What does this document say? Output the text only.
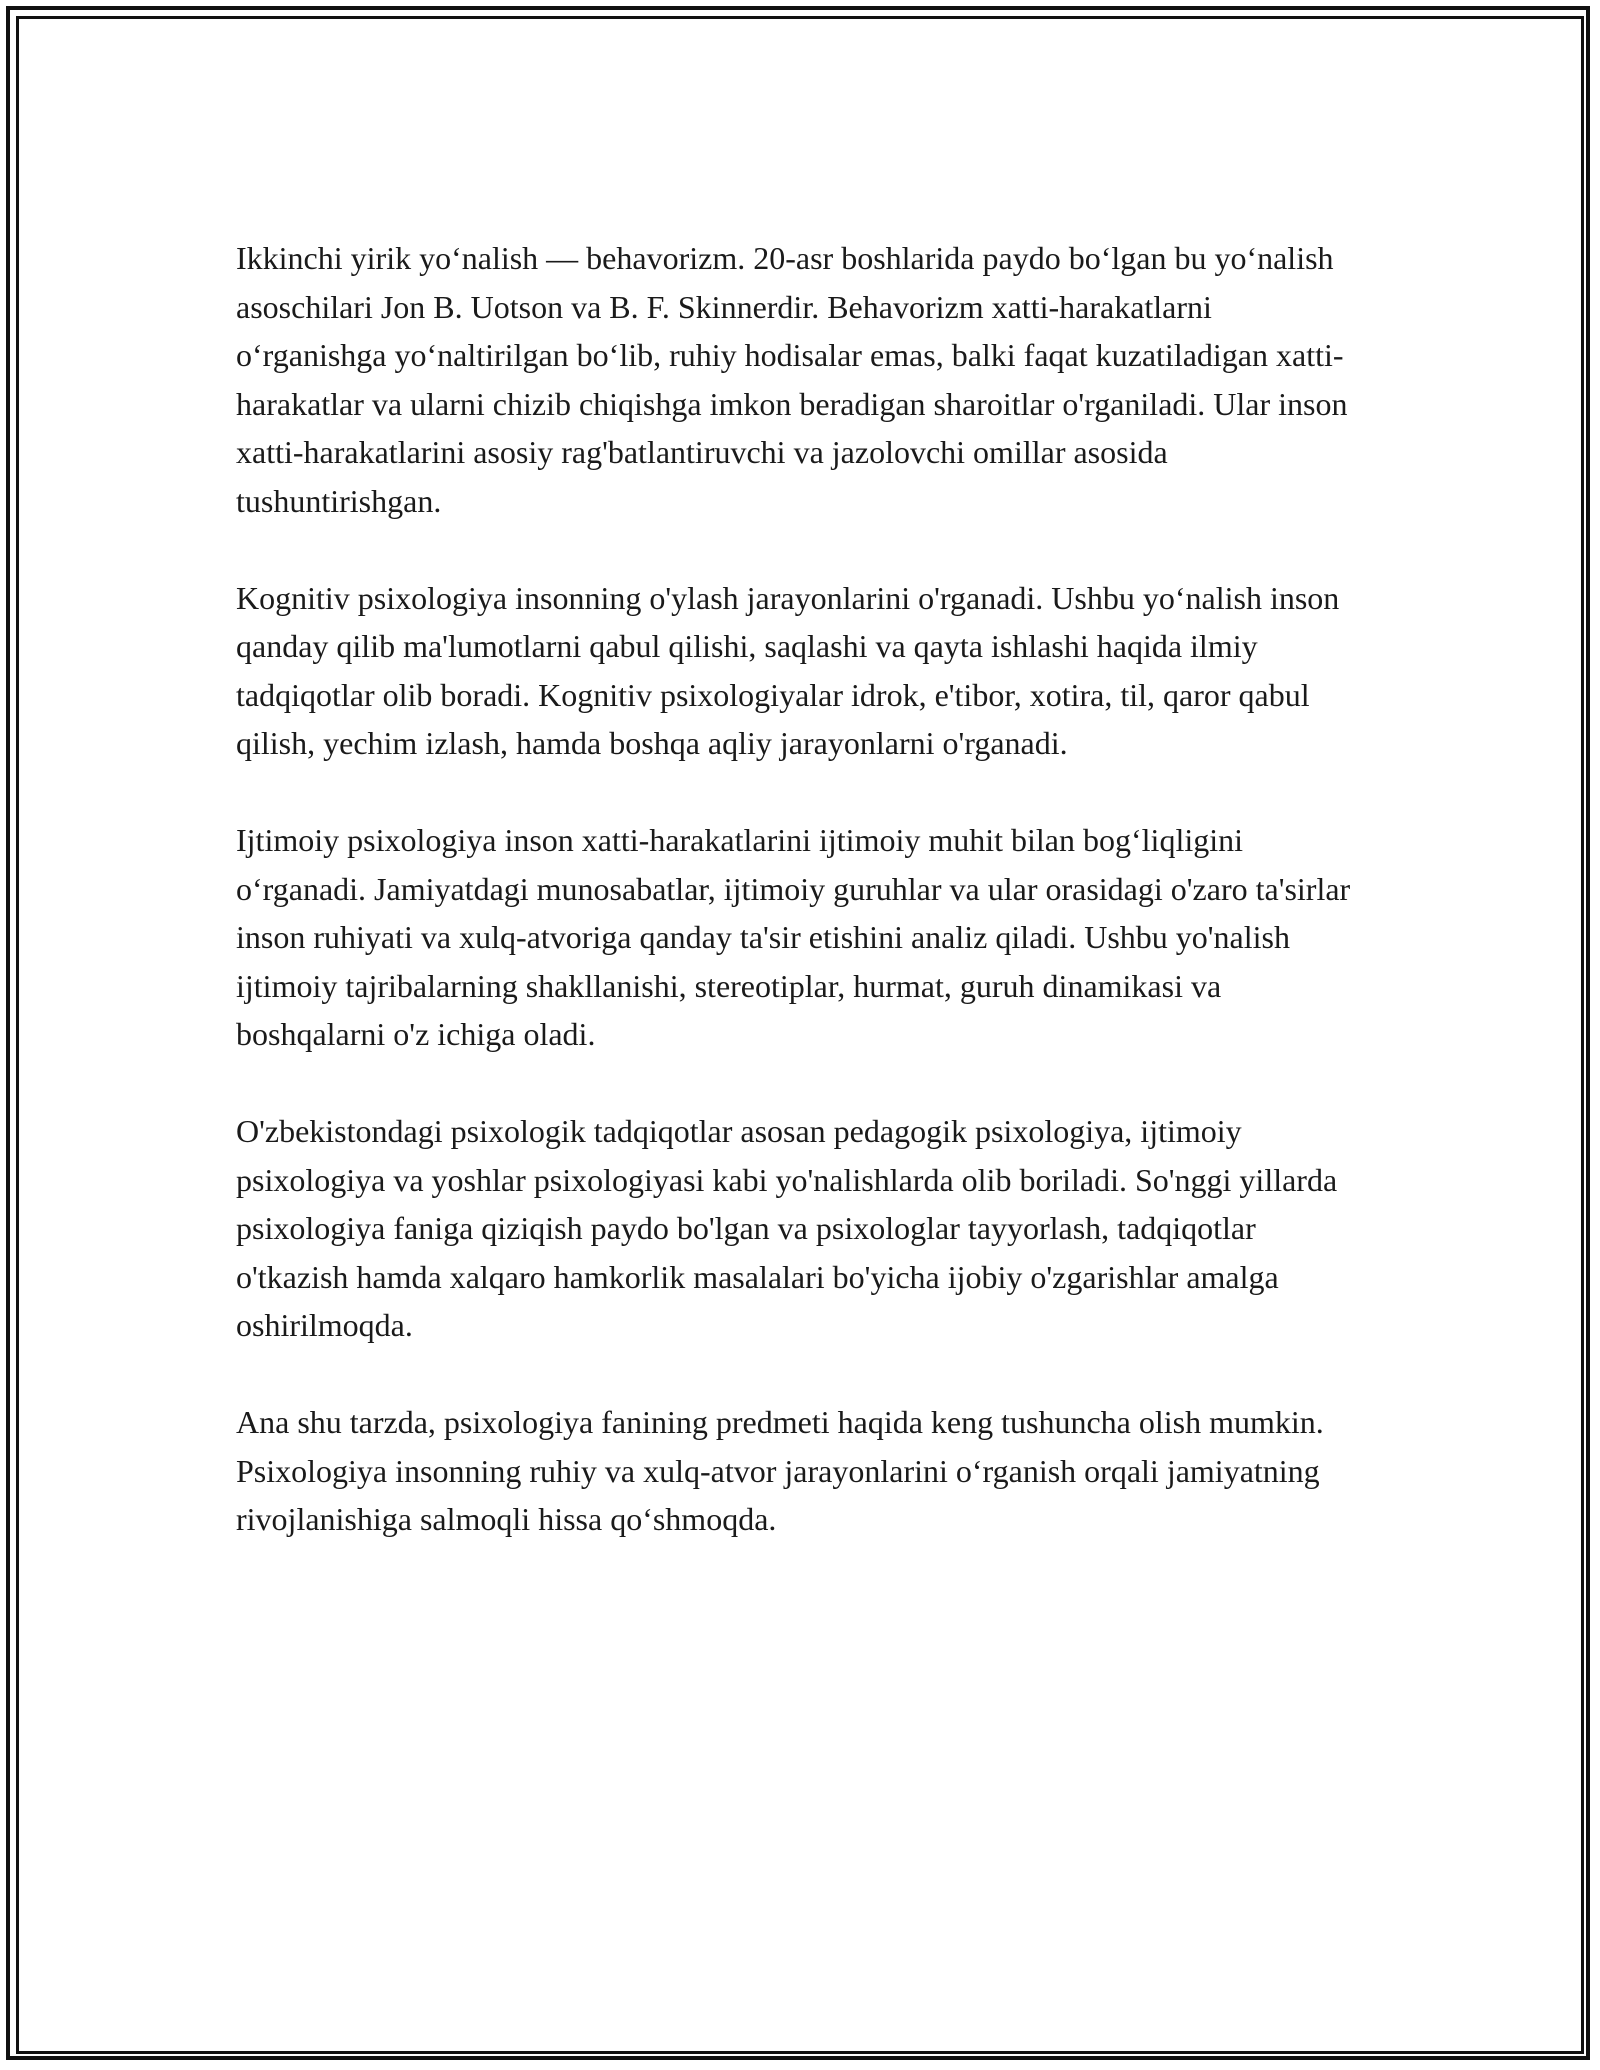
Ikkinchi yirik yo‘nalish — behavorizm. 20-asr boshlarida paydo bo‘lgan bu yo‘nalish asoschilari Jon B. Uotson va B. F. Skinnerdir. Behavorizm xatti-harakatlarni o‘rganishga yo‘naltirilgan bo‘lib, ruhiy hodisalar emas, balki faqat kuzatiladigan xatti-harakatlar va ularni chizib chiqishga imkon beradigan sharoitlar o'rganiladi. Ular inson xatti-harakatlarini asosiy rag'batlantiruvchi va jazolovchi omillar asosida tushuntirishgan.

Kognitiv psixologiya insonning o'ylash jarayonlarini o'rganadi. Ushbu yo‘nalish inson qanday qilib ma'lumotlarni qabul qilishi, saqlashi va qayta ishlashi haqida ilmiy tadqiqotlar olib boradi. Kognitiv psixologiyalar idrok, e'tibor, xotira, til, qaror qabul qilish, yechim izlash, hamda boshqa aqliy jarayonlarni o'rganadi.

Ijtimoiy psixologiya inson xatti-harakatlarini ijtimoiy muhit bilan bog‘liqligini o‘rganadi. Jamiyatdagi munosabatlar, ijtimoiy guruhlar va ular orasidagi o'zaro ta'sirlar inson ruhiyati va xulq-atvoriga qanday ta'sir etishini analiz qiladi. Ushbu yo'nalish ijtimoiy tajribalarning shakllanishi, stereotiplar, hurmat, guruh dinamikasi va boshqalarni o'z ichiga oladi.

O'zbekistondagi psixologik tadqiqotlar asosan pedagogik psixologiya, ijtimoiy psixologiya va yoshlar psixologiyasi kabi yo'nalishlarda olib boriladi. So'nggi yillarda psixologiya faniga qiziqish paydo bo'lgan va psixologlar tayyorlash, tadqiqotlar o'tkazish hamda xalqaro hamkorlik masalalari bo'yicha ijobiy o'zgarishlar amalga oshirilmoqda.

Ana shu tarzda, psixologiya fanining predmeti haqida keng tushuncha olish mumkin. Psixologiya insonning ruhiy va xulq-atvor jarayonlarini o‘rganish orqali jamiyatning rivojlanishiga salmoqli hissa qo‘shmoqda.
